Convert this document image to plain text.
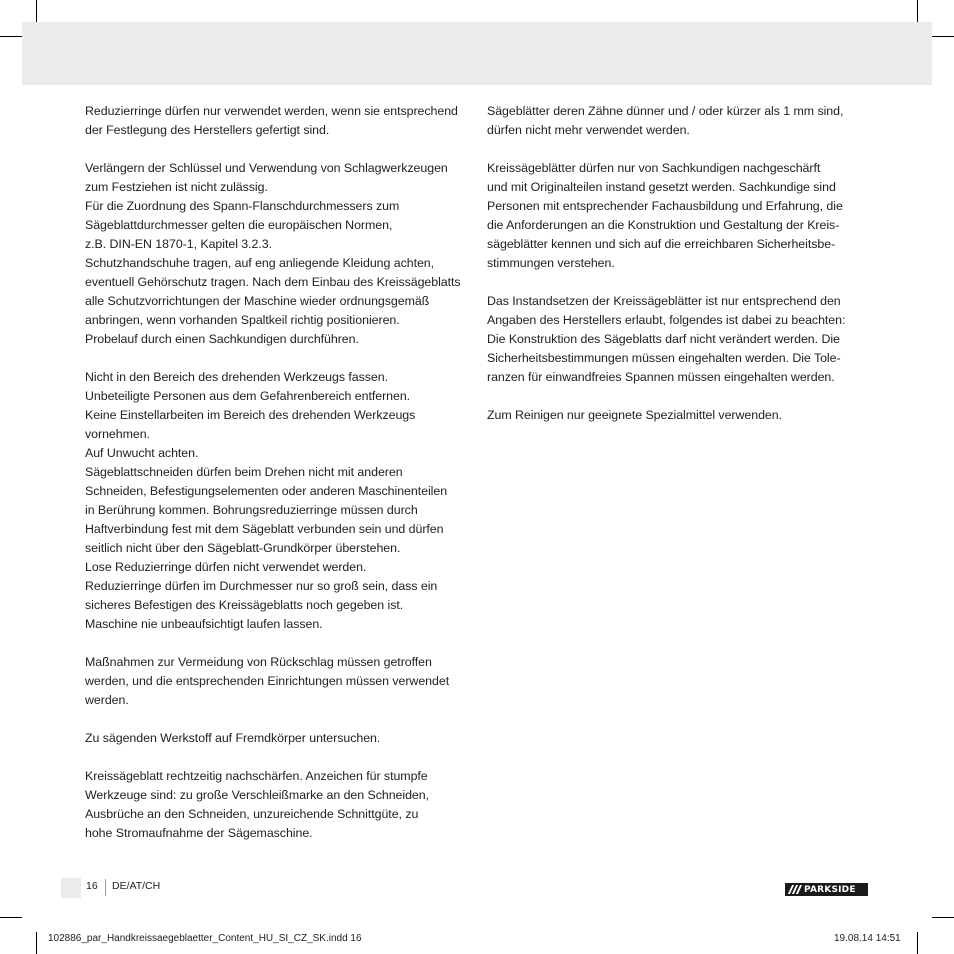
Reduzierringe dürfen nur verwendet werden, wenn sie entsprechend
der Festlegung des Herstellers gefertigt sind.
Verlängern der Schlüssel und Verwendung von Schlagwerkzeugen
zum Festziehen ist nicht zulässig.
Für die Zuordnung des Spann-Flanschdurchmessers zum
Sägeblattdurchmesser gelten die europäischen Normen,
z.B. DIN-EN 1870-1, Kapitel 3.2.3.
Schutzhandschuhe tragen, auf eng anliegende Kleidung achten,
eventuell Gehörschutz tragen. Nach dem Einbau des Kreissägeblatts
alle Schutzvorrichtungen der Maschine wieder ordnungsgemäß
anbringen, wenn vorhanden Spaltkeil richtig positionieren.
Probelauf durch einen Sachkundigen durchführen.
Nicht in den Bereich des drehenden Werkzeugs fassen.
Unbeteiligte Personen aus dem Gefahrenbereich entfernen.
Keine Einstellarbeiten im Bereich des drehenden Werkzeugs
vornehmen.
Auf Unwucht achten.
Sägeblattschneiden dürfen beim Drehen nicht mit anderen
Schneiden, Befestigungselementen oder anderen Maschinenteilen
in Berührung kommen. Bohrungsreduzierringe müssen durch
Haftverbindung fest mit dem Sägeblatt verbunden sein und dürfen
seitlich nicht über den Sägeblatt-Grundkörper überstehen.
Lose Reduzierringe dürfen nicht verwendet werden.
Reduzierringe dürfen im Durchmesser nur so groß sein, dass ein
sicheres Befestigen des Kreissägeblatts noch gegeben ist.
Maschine nie unbeaufsichtigt laufen lassen.
Maßnahmen zur Vermeidung von Rückschlag müssen getroffen
werden, und die entsprechenden Einrichtungen müssen verwendet
werden.
Zu sägenden Werkstoff auf Fremdkörper untersuchen.
Kreissägeblatt rechtzeitig nachschärfen. Anzeichen für stumpfe
Werkzeuge sind: zu große Verschleißmarke an den Schneiden,
Ausbrüche an den Schneiden, unzureichende Schnittgüte, zu
hohe Stromaufnahme der Sägemaschine.
Sägeblätter deren Zähne dünner und / oder kürzer als 1 mm sind,
dürfen nicht mehr verwendet werden.
Kreissägeblätter dürfen nur von Sachkundigen nachgeschärft
und mit Originalteilen instand gesetzt werden. Sachkundige sind
Personen mit entsprechender Fachausbildung und Erfahrung, die
die Anforderungen an die Konstruktion und Gestaltung der Kreis-
sägeblätter kennen und sich auf die erreichbaren Sicherheitsbe-
stimmungen verstehen.
Das Instandsetzen der Kreissägeblätter ist nur entsprechend den
Angaben des Herstellers erlaubt, folgendes ist dabei zu beachten:
Die Konstruktion des Sägeblatts darf nicht verändert werden. Die
Sicherheitsbestimmungen müssen eingehalten werden. Die Tole-
ranzen für einwandfreies Spannen müssen eingehalten werden.
Zum Reinigen nur geeignete Spezialmittel verwenden.
16 DE/AT/CH	PARKSIDE
102886_par_Handkreissaegeblaetter_Content_HU_SI_CZ_SK.indd 16	19.08.14 14:51
